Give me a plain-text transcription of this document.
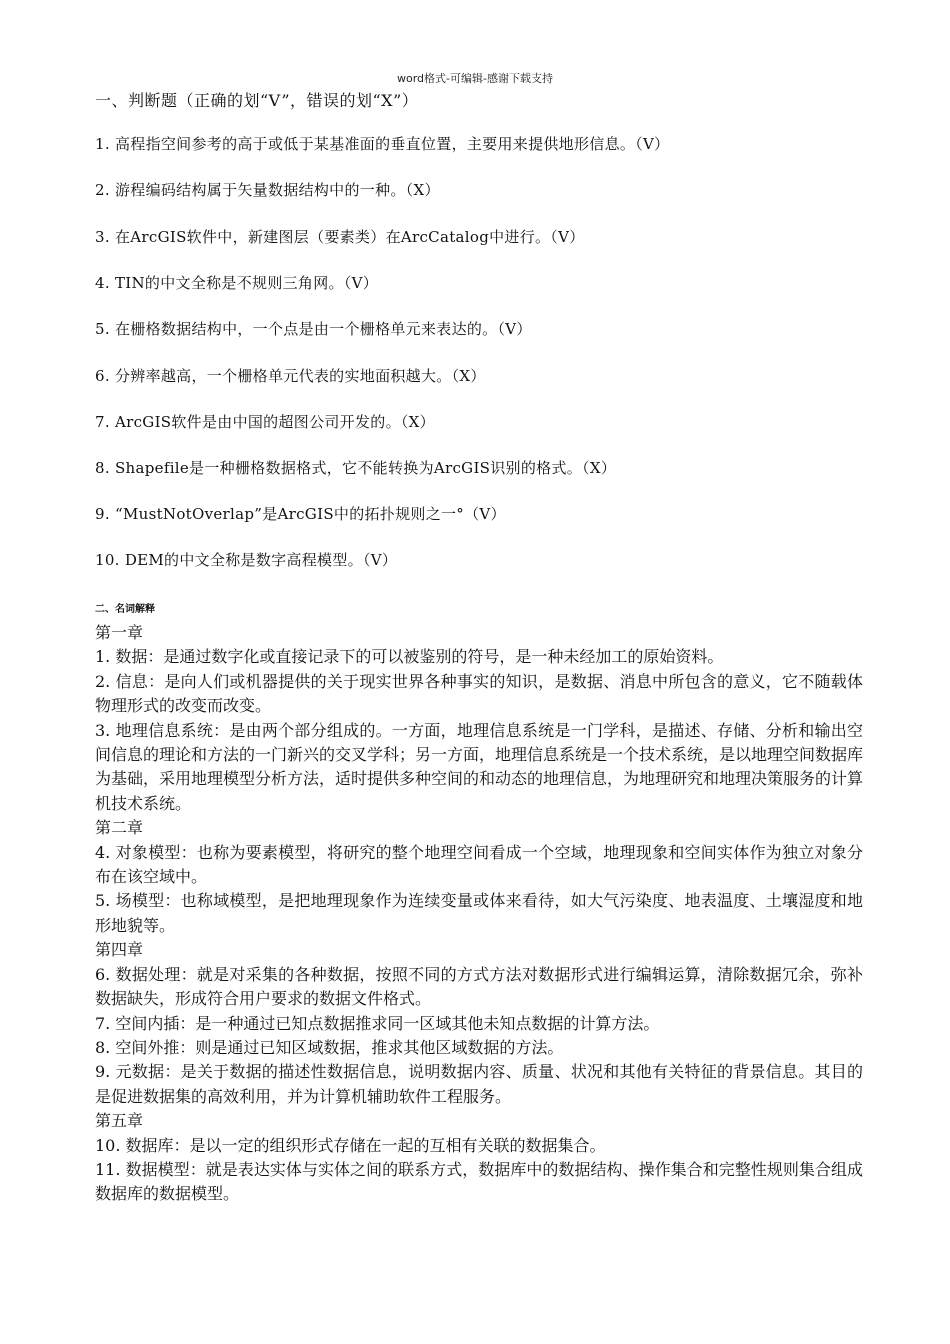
word格式-可编辑-感谢下载支持
一、判断题（正确的划“V”，错误的划“X”）
1. 高程指空间参考的高于或低于某基准面的垂直位置，主要用来提供地形信息。（V）
2. 游程编码结构属于矢量数据结构中的一种。（X）
3. 在ArcGIS软件中，新建图层（要素类）在ArcCatalog中进行。（V）
4. TIN的中文全称是不规则三角网。（V）
5. 在栅格数据结构中，一个点是由一个栅格单元来表达的。（V）
6. 分辨率越高，一个栅格单元代表的实地面积越大。（X）
7. ArcGIS软件是由中国的超图公司开发的。（X）
8. Shapefile是一种栅格数据格式，它不能转换为ArcGIS识别的格式。（X）
9. “MustNotOverlap”是ArcGIS中的拓扑规则之一°（V）
10. DEM的中文全称是数字高程模型。（V）
二、名词解释

第一章

1. 数据：是通过数字化或直接记录下的可以被鉴别的符号，是一种未经加工的原始资料。

2. 信息：是向人们或机器提供的关于现实世界各种事实的知识，是数据、消息中所包含的意义，它不随载体物理形式的改变而改变。

3. 地理信息系统：是由两个部分组成的。一方面，地理信息系统是一门学科，是描述、存储、分析和输出空间信息的理论和方法的一门新兴的交叉学科；另一方面，地理信息系统是一个技术系统，是以地理空间数据库为基础，采用地理模型分析方法，适时提供多种空间的和动态的地理信息，为地理研究和地理决策服务的计算机技术系统。

第二章

4. 对象模型：也称为要素模型，将研究的整个地理空间看成一个空域，地理现象和空间实体作为独立对象分布在该空域中。

5. 场模型：也称域模型，是把地理现象作为连续变量或体来看待，如大气污染度、地表温度、土壤湿度和地形地貌等。

第四章

6. 数据处理：就是对采集的各种数据，按照不同的方式方法对数据形式进行编辑运算，清除数据冗余，弥补数据缺失，形成符合用户要求的数据文件格式。

7. 空间内插：是一种通过已知点数据推求同一区域其他未知点数据的计算方法。

8. 空间外推：则是通过已知区域数据，推求其他区域数据的方法。

9. 元数据：是关于数据的描述性数据信息，说明数据内容、质量、状况和其他有关特征的背景信息。其目的是促进数据集的高效利用，并为计算机辅助软件工程服务。

第五章

10. 数据库：是以一定的组织形式存储在一起的互相有关联的数据集合。

11. 数据模型：就是表达实体与实体之间的联系方式，数据库中的数据结构、操作集合和完整性规则集合组成数据库的数据模型。
